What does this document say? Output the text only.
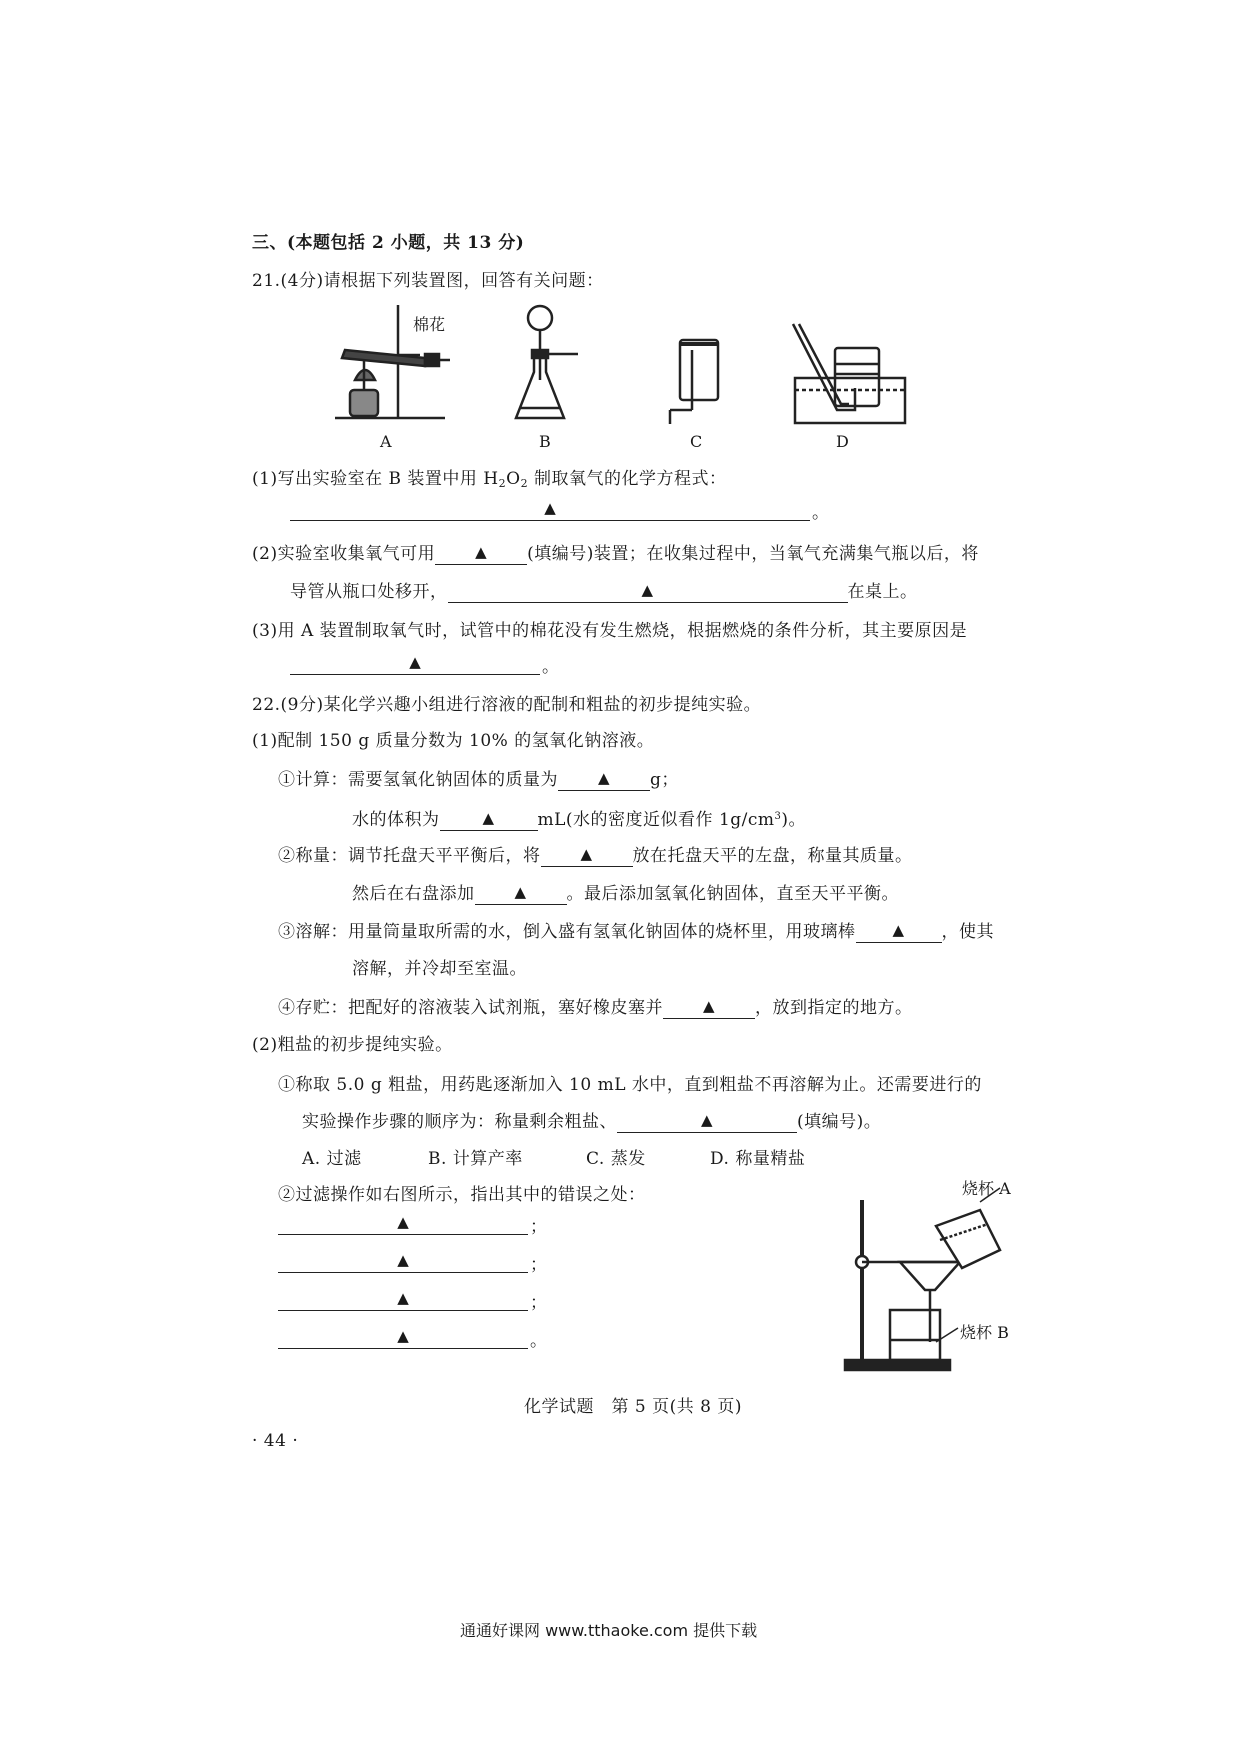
三、(本题包括 2 小题，共 13 分)
21.(4分)请根据下列装置图，回答有关问题：
棉花
A	B	C	D
(1)写出实验室在 B 装置中用 $H_2O_2$ 制取氧气的化学方程式：
▲	。
(2)实验室收集氧气可用	▲ (填编号)装置；在收集过程中，当氧气充满集气瓶以后，将
导管从瓶口处移开，	▲	在桌上。
(3)用 A 装置制取氧气时，试管中的棉花没有发生燃烧，根据燃烧的条件分析，其主要原因是
▲	。
22.(9分)某化学兴趣小组进行溶液的配制和粗盐的初步提纯实验。
(1)配制 150 g 质量分数为 10% 的氢氧化钠溶液。
①计算：需要氢氧化钠固体的质量为	▲ g；
水的体积为	▲	mL(水的密度近似看作 $1g/cm^3$)。
②称量：调节托盘天平平衡后，将	▲ 放在托盘天平的左盘，称量其质量。
然后在右盘添加	▲ 。最后添加氢氧化钠固体，直至天平平衡。
③溶解：用量筒量取所需的水，倒入盛有氢氧化钠固体的烧杯里，用玻璃棒 ▲ ，使其
溶解，并冷却至室温。
④存贮：把配好的溶液装入试剂瓶，塞好橡皮塞并	▲ ，放到指定的地方。
(2)粗盐的初步提纯实验。
①称取 5.0 g 粗盐，用药匙逐渐加入 10 mL 水中，直到粗盐不再溶解为止。还需要进行的
实验操作步骤的顺序为：称量剩余粗盐、	▲	(填编号)。
A. 过滤	B. 计算产率	C. 蒸发	D. 称量精盐
②过滤操作如右图所示，指出其中的错误之处：
▲	；
▲	；
▲	；
▲	。
烧杯 A
烧杯 B
化学试题　第 5 页(共 8 页)
· 44 ·
通通好课网 www.tthaoke.com 提供下载
